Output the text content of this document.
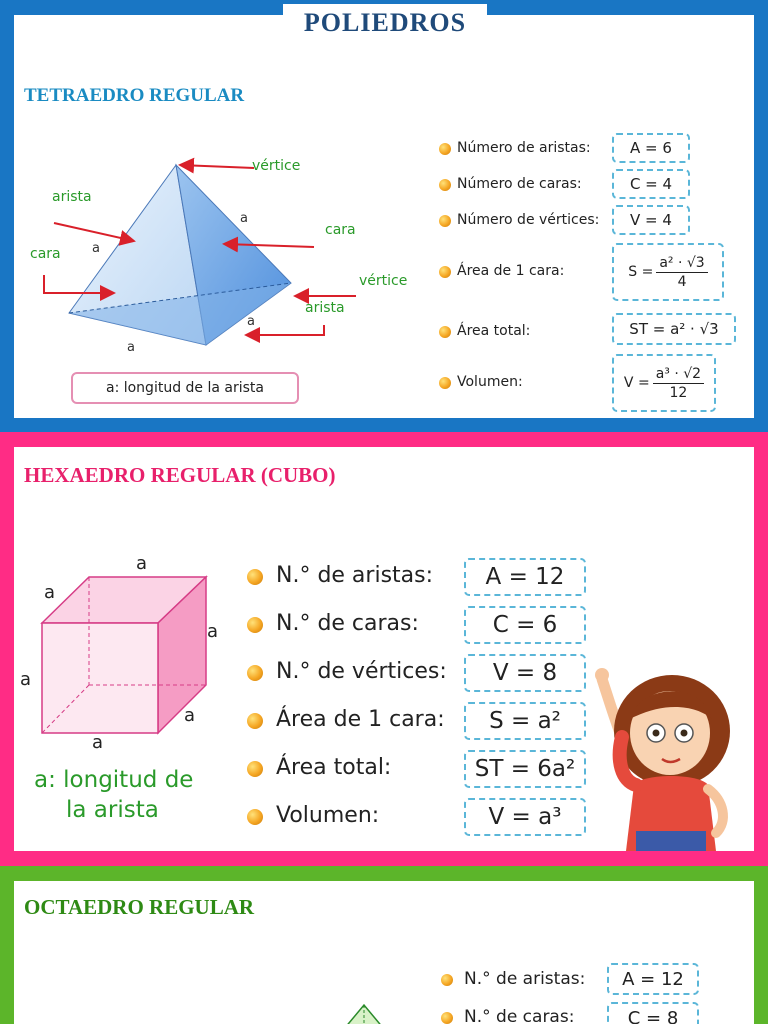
TETRAEDRO REGULAR
vértice
arista
cara
cara
vértice
arista
a
a
a
a
a: longitud de la arista
Número de aristas:	A = 6
Número de caras:	C = 4
Número de vértices: V = 4
Área de 1 cara:	$S = \frac{\text{a² · √3}}{4}$
Área total:	ST = a² · √3
Volumen:	$V = \frac{\text{a³ · √2}}{12}$
POLIEDROS
HEXAEDRO REGULAR (CUBO)
a
a
a
a
a
a
a: longitud de
la arista
N.° de aristas: A = 12
N.° de caras:	C = 6
N.° de vértices: V = 8
Área de 1 cara: S = a²
Área total:	ST = 6a²
Volumen:	V = a³
OCTAEDRO REGULAR
N.° de aristas: A = 12
N.° de caras:	C = 8
